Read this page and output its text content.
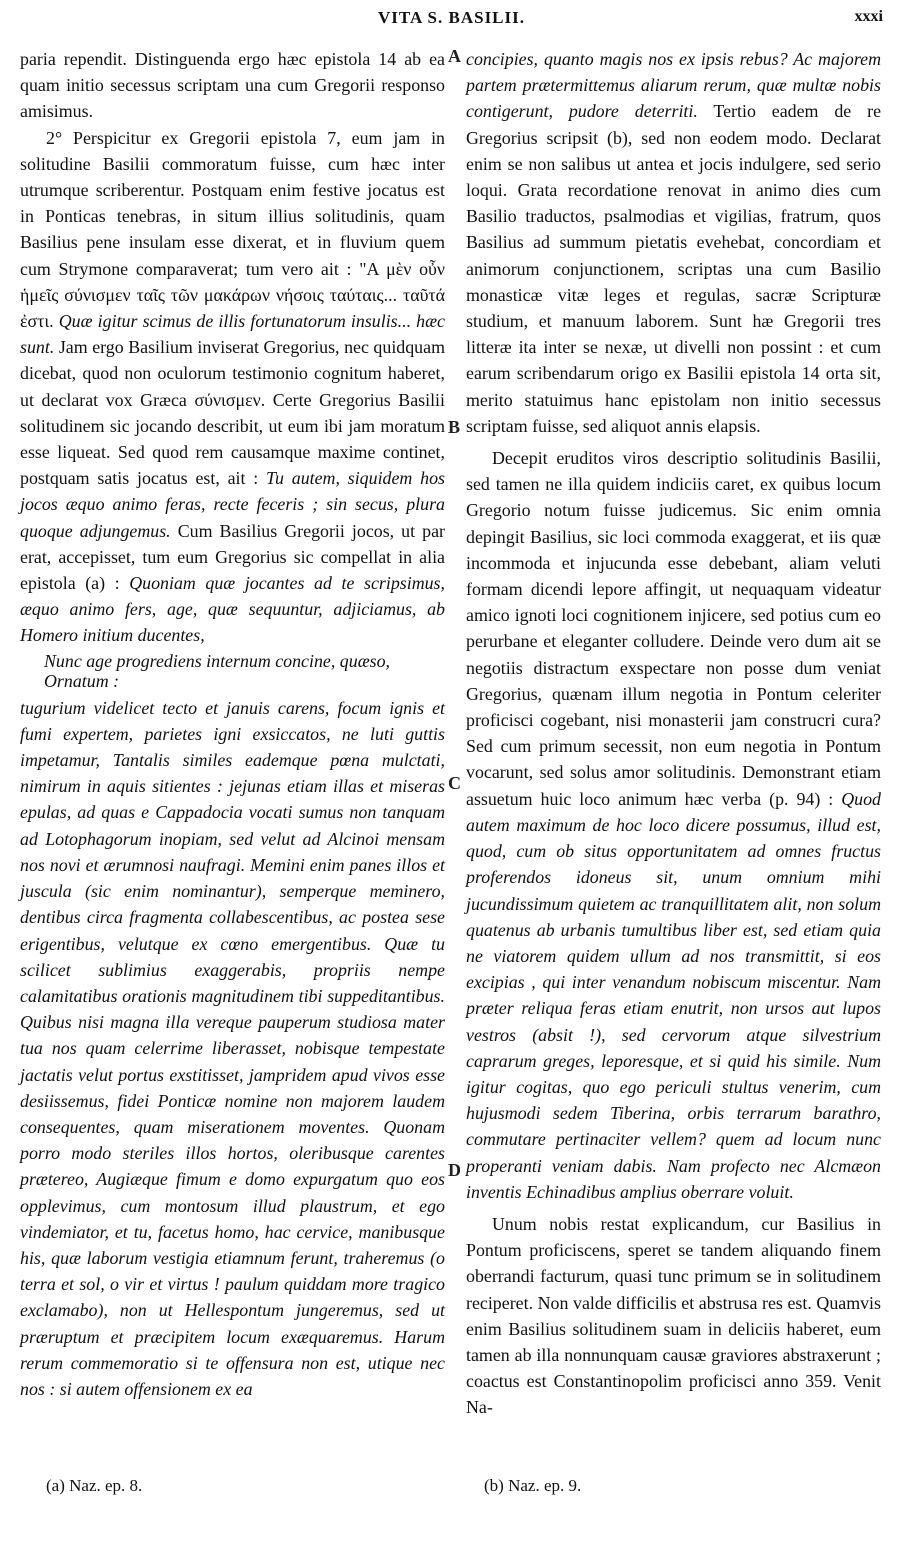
VITA S. BASILII.	xxxi

paria rependit. Distinguenda ergo hæc epistola 14 ab ea quam initio secessus scriptam una cum Gregorii responso amisimus.

2° Perspicitur ex Gregorii epistola 7, eum jam in solitudine Basilii commoratum fuisse, cum hæc inter utrumque scriberentur. Postquam enim festive jocatus est in Ponticas tenebras, in situm illius solitudinis, quam Basilius pene insulam esse dixerat, et in fluvium quem cum Strymone comparaverat; tum vero ait : "Α μὲν οὖν ἡμεῖς σύνισμεν ταῖς τῶν μακάρων νήσοις ταύταις... ταῦτά ἐστι. Quæ igitur scimus de illis fortunatorum insulis... hæc sunt. Jam ergo Basilium inviserat Gregorius, nec quidquam dicebat, quod non oculorum testimonio cognitum haberet, ut declarat vox Græca σύνισμεν. Certe Gregorius Basilii solitudinem sic jocando describit, ut eum ibi jam moratum esse liqueat. Sed quod rem causamque maxime continet, postquam satis jocatus est, ait : Tu autem, siquidem hos jocos æquo animo feras, recte feceris ; sin secus, plura quoque adjungemus. Cum Basilius Gregorii jocos, ut par erat, accepisset, tum eum Gregorius sic compellat in alia epistola (a) : Quoniam quæ jocantes ad te scripsimus, æquo animo fers, age, quæ sequuntur, adjiciamus, ab Homero initium ducentes,

Nunc age progrediens internum concine, quæso,
Ornatum :

tugurium videlicet tecto et januis carens, focum ignis et fumi expertem, parietes igni exsiccatos, ne luti guttis impetamur, Tantalis similes eademque pœna mulctati, nimirum in aquis sitientes : jejunas etiam illas et miseras epulas, ad quas e Cappadocia vocati sumus non tanquam ad Lotophagorum inopiam, sed velut ad Alcinoi mensam nos novi et ærumnosi naufragi. Memini enim panes illos et juscula (sic enim nominantur), semperque meminero, dentibus circa fragmenta collabescentibus, ac postea sese erigentibus, velutque ex cœno emergentibus. Quæ tu scilicet sublimius exaggerabis, propriis nempe calamitatibus orationis magnitudinem tibi suppeditantibus. Quibus nisi magna illa vereque pauperum studiosa mater tua nos quam celerrime liberasset, nobisque tempestate jactatis velut portus exstitisset, jampridem apud vivos esse desiissemus, fidei Ponticæ nomine non majorem laudem consequentes, quam miserationem moventes. Quonam porro modo steriles illos hortos, oleribusque carentes prætereo, Augiæque fimum e domo expurgatum quo eos opplevimus, cum montosum illud plaustrum, et ego vindemiator, et tu, facetus homo, hac cervice, manibusque his, quæ laborum vestigia etiamnum ferunt, traheremus (o terra et sol, o vir et virtus ! paulum quiddam more tragico exclamabo), non ut Hellespontum jungeremus, sed ut præruptum et præcipitem locum exæquaremus. Harum rerum commemoratio si te offensura non est, utique nec nos : si autem offensionem ex ea

concipies, quanto magis nos ex ipsis rebus? Ac majorem partem prætermittemus aliarum rerum, quæ multæ nobis contigerunt, pudore deterriti. Tertio eadem de re Gregorius scripsit (b), sed non eodem modo. Declarat enim se non salibus ut antea et jocis indulgere, sed serio loqui. Grata recordatione renovat in animo dies cum Basilio traductos, psalmodias et vigilias, fratrum, quos Basilius ad summum pietatis evehebat, concordiam et animorum conjunctionem, scriptas una cum Basilio monasticæ vitæ leges et regulas, sacræ Scripturæ studium, et manuum laborem. Sunt hæ Gregorii tres litteræ ita inter se nexæ, ut divelli non possint : et cum earum scribendarum origo ex Basilii epistola 14 orta sit, merito statuimus hanc epistolam non initio secessus scriptam fuisse, sed aliquot annis elapsis.

Decepit eruditos viros descriptio solitudinis Basilii, sed tamen ne illa quidem indiciis caret, ex quibus locum Gregorio notum fuisse judicemus. Sic enim omnia depingit Basilius, sic loci commoda exaggerat, et iis quæ incommoda et injucunda esse debebant, aliam veluti formam dicendi lepore affingit, ut nequaquam videatur amico ignoti loci cognitionem injicere, sed potius cum eo perurbane et eleganter colludere. Deinde vero dum ait se negotiis distractum exspectare non posse dum veniat Gregorius, quænam illum negotia in Pontum celeriter proficisci cogebant, nisi monasterii jam construcri cura? Sed cum primum secessit, non eum negotia in Pontum vocarunt, sed solus amor solitudinis. Demonstrant etiam assuetum huic loco animum hæc verba (p. 94) : Quod autem maximum de hoc loco dicere possumus, illud est, quod, cum ob situs opportunitatem ad omnes fructus proferendos idoneus sit, unum omnium mihi jucundissimum quietem ac tranquillitatem alit, non solum quatenus ab urbanis tumultibus liber est, sed etiam quia ne viatorem quidem ullum ad nos transmittit, si eos excipias , qui inter venandum nobiscum miscentur. Nam præter reliqua feras etiam enutrit, non ursos aut lupos vestros (absit !), sed cervorum atque silvestrium caprarum greges, leporesque, et si quid his simile. Num igitur cogitas, quo ego periculi stultus venerim, cum hujusmodi sedem Tiberina, orbis terrarum barathro, commutare pertinaciter vellem? quem ad locum nunc properanti veniam dabis. Nam profecto nec Alcmæon inventis Echinadibus amplius oberrare voluit.

Unum nobis restat explicandum, cur Basilius in Pontum proficiscens, speret se tandem aliquando finem oberrandi facturum, quasi tunc primum se in solitudinem reciperet. Non valde difficilis et abstrusa res est. Quamvis enim Basilius solitudinem suam in deliciis haberet, eum tamen ab illa nonnunquam causæ graviores abstraxerunt ; coactus est Constantinopolim proficisci anno 359. Venit Na-

A
B
C
D
(a) Naz. ep. 8.	(b) Naz. ep. 9.
